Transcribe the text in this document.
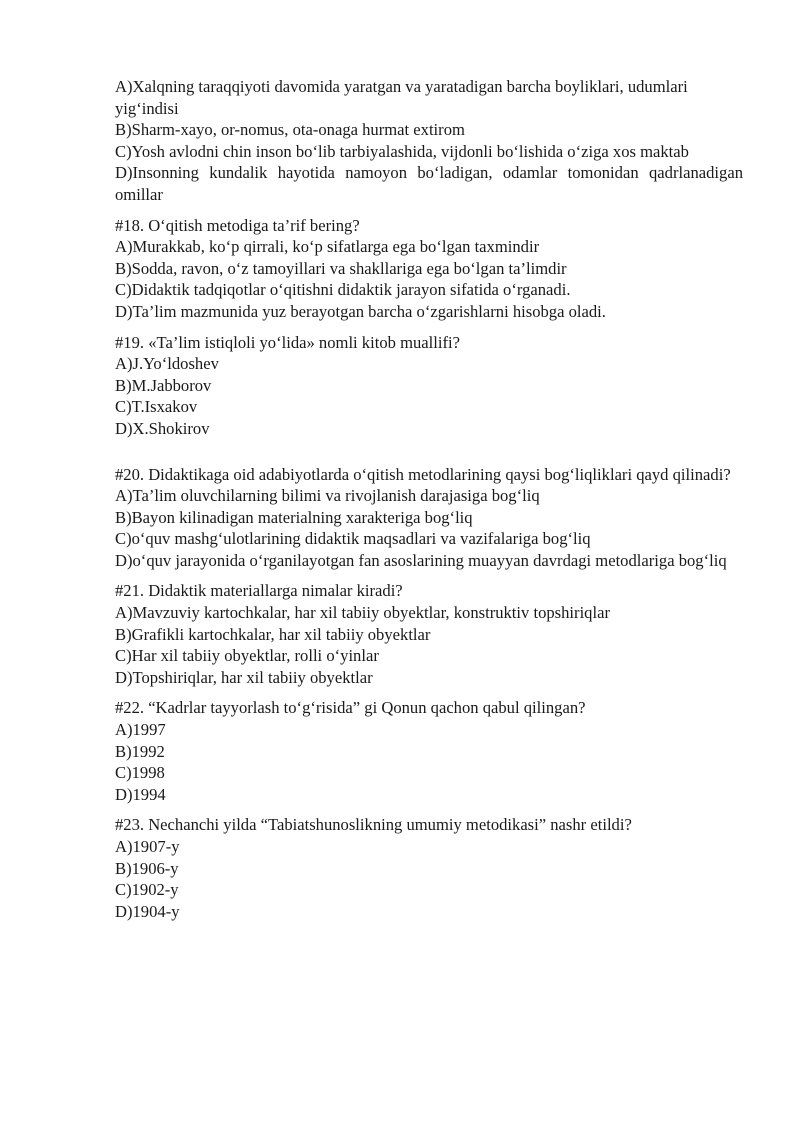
A)Xalqning taraqqiyoti davomida yaratgan va yaratadigan barcha boyliklari, udumlari yig‘indisi

B)Sharm-xayo, or-nomus, ota-onaga hurmat extirom

C)Yosh avlodni chin inson bo‘lib tarbiyalashida, vijdonli bo‘lishida o‘ziga xos maktab

D)Insonning kundalik hayotida namoyon bo‘ladigan, odamlar tomonidan qadrlanadigan omillar

#18. O‘qitish metodiga ta’rif bering?

A)Murakkab, ko‘p qirrali, ko‘p sifatlarga ega bo‘lgan taxmindir

B)Sodda, ravon, o‘z tamoyillari va shakllariga ega bo‘lgan ta’limdir

C)Didaktik tadqiqotlar o‘qitishni didaktik jarayon sifatida o‘rganadi.

D)Ta’lim mazmunida yuz berayotgan barcha o‘zgarishlarni hisobga oladi.

#19. «Ta’lim istiqloli yo‘lida» nomli kitob muallifi?

A)J.Yo‘ldoshev

B)M.Jabborov

C)T.Isxakov

D)X.Shokirov

#20. Didaktikaga oid adabiyotlarda o‘qitish metodlarining qaysi bog‘liqliklari qayd qilinadi?

A)Ta’lim oluvchilarning bilimi va rivojlanish darajasiga bog‘liq

B)Bayon kilinadigan materialning xarakteriga bog‘liq

C)o‘quv mashg‘ulotlarining didaktik maqsadlari va vazifalariga bog‘liq

D)o‘quv jarayonida o‘rganilayotgan fan asoslarining muayyan davrdagi metodlariga bog‘liq

#21. Didaktik materiallarga nimalar kiradi?

A)Mavzuviy kartochkalar, har xil tabiiy obyektlar, konstruktiv topshiriqlar

B)Grafikli kartochkalar, har xil tabiiy obyektlar

C)Har xil tabiiy obyektlar, rolli o‘yinlar

D)Topshiriqlar, har xil tabiiy obyektlar

#22. “Kadrlar tayyorlash to‘g‘risida” gi Qonun qachon qabul qilingan?

A)1997

B)1992

C)1998

D)1994

#23. Nechanchi yilda “Tabiatshunoslikning umumiy metodikasi” nashr etildi?

A)1907-y

B)1906-y

C)1902-y

D)1904-y
